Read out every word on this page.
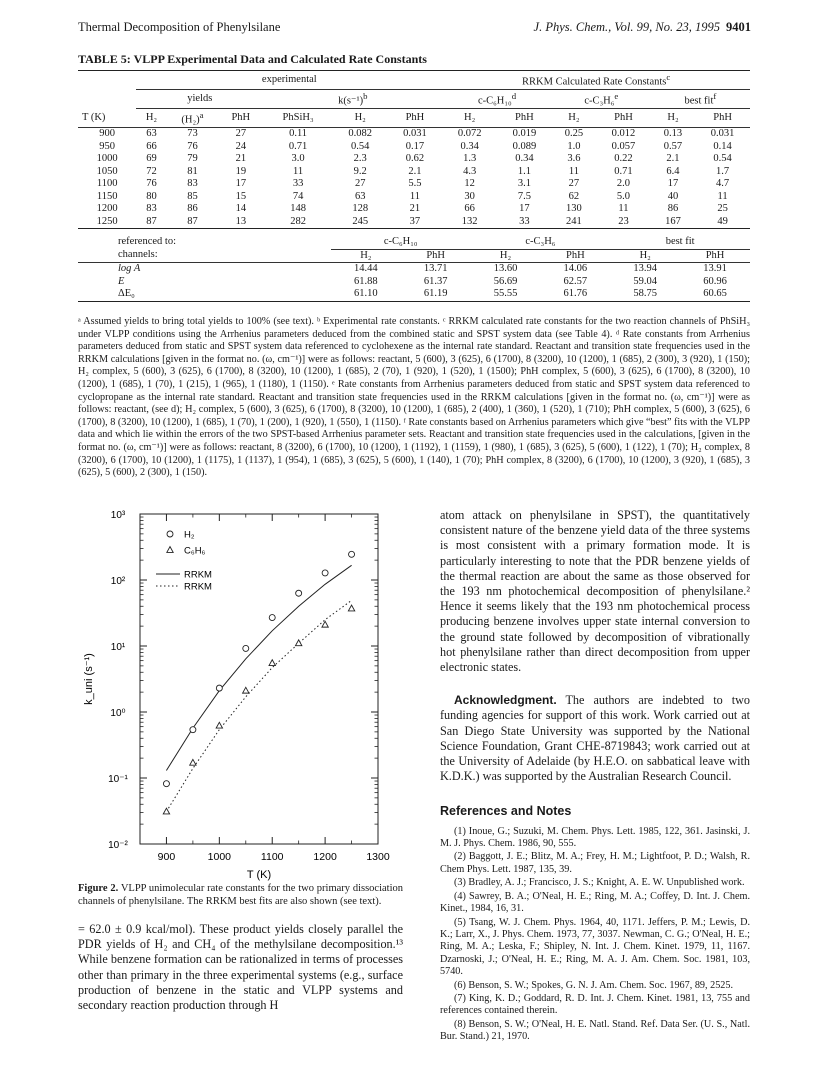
Thermal Decomposition of Phenylsilane	J. Phys. Chem., Vol. 99, No. 23, 1995 9401
TABLE 5: VLPP Experimental Data and Calculated Rate Constants
	experimental						RRKM Calculated Rate Constants$^c$
	yields			$k(s^{-1})^b$			c-C₆H₁₀$^d$		c-C₃H₆$^e$		best fit$^f$
T (K)	H₂	$(H_2)^a$	PhH	PhSiH₃	H₂	PhH	H₂	PhH	H₂	PhH	H₂	PhH
900	63	73	27	0.11	0.082	0.031	0.072	0.019	0.25	0.012	0.13	0.031
950	66	76	24	0.71	0.54	0.17	0.34	0.089	1.0	0.057	0.57	0.14
1000	69	79	21	3.0	2.3	0.62	1.3	0.34	3.6	0.22	2.1	0.54
1050	72	81	19	11	9.2	2.1	4.3	1.1	11	0.71	6.4	1.7
1100	76	83	17	33	27	5.5	12	3.1	27	2.0	17	4.7
1150	80	85	15	74	63	11	30	7.5	62	5.0	40	11
1200	83	86	14	148	128	21	66	17	130	11	86	25
1250	87	87	13	282	245	37	132	33	241	23	167	49
referenced to:	c-C₆H₁₀		c-C₃H₆		best fit	
channels:	H₂	PhH	H₂	PhH	H₂	PhH
log A	14.44	13.71	13.60	14.06	13.94	13.91
E	61.88	61.37	56.69	62.57	59.04	60.96
ΔE₀	61.10	61.19	55.55	61.76	58.75	60.65
ᵃ Assumed yields to bring total yields to 100% (see text). ᵇ Experimental rate constants. ᶜ RRKM calculated rate constants for the two reaction channels of PhSiH₃ under VLPP conditions using the Arrhenius parameters deduced from the combined static and SPST system data (see Table 4). ᵈ Rate constants from Arrhenius parameters deduced from static and SPST system data referenced to cyclohexene as the internal rate standard. Reactant and transition state frequencies used in the RRKM calculations [given in the format no. (ω, cm⁻¹)] were as follows: reactant, 5 (600), 3 (625), 6 (1700), 8 (3200), 10 (1200), 1 (685), 2 (300), 3 (920), 1 (150); H₂ complex, 5 (600), 3 (625), 6 (1700), 8 (3200), 10 (1200), 1 (685), 2 (70), 1 (920), 1 (520), 1 (1500); PhH complex, 5 (600), 3 (625), 6 (1700), 8 (3200), 10 (1200), 1 (685), 1 (70), 1 (215), 1 (965), 1 (1180), 1 (1150). ᵉ Rate constants from Arrhenius parameters deduced from static and SPST system data referenced to cyclopropane as the internal rate standard. Reactant and transition state frequencies used in the RRKM calculations [given in the format no. (ω, cm⁻¹)] were as follows: reactant, (see d); H₂ complex, 5 (600), 3 (625), 6 (1700), 8 (3200), 10 (1200), 1 (685), 2 (400), 1 (360), 1 (520), 1 (710); PhH complex, 5 (600), 3 (625), 6 (1700), 8 (3200), 10 (1200), 1 (685), 1 (70), 1 (200), 1 (920), 1 (550), 1 (1150). ᶠ Rate constants based on Arrhenius parameters which give “best” fits with the VLPP data and which lie within the errors of the two SPST-based Arrhenius parameter sets. Reactant and transition state frequencies used in the calculations, [given in the format no. (ω, cm⁻¹)] were as follows: reactant, 8 (3200), 6 (1700), 10 (1200), 1 (1192), 1 (1159), 1 (980), 1 (685), 3 (625), 5 (600), 1 (122), 1 (70); H₂ complex, 8 (3200), 6 (1700), 10 (1200), 1 (1175), 1 (1137), 1 (954), 1 (685), 3 (625), 5 (600), 1 (140), 1 (70); PhH complex, 8 (3200), 6 (1700), 10 (1200), 3 (920), 1 (685), 3 (625), 5 (600), 2 (300), 1 (150).
10⁻²
10⁻¹
10⁰
10¹
10²
10³
900	1000	1100	1200	1300
T (K)
k_uni (s⁻¹)
H₂
C₆H₆
RRKM
RRKM
Figure 2. VLPP unimolecular rate constants for the two primary dissociation channels of phenylsilane. The RRKM best fits are also shown (see text).
= 62.0 ± 0.9 kcal/mol). These product yields closely parallel the PDR yields of H₂ and CH₄ of the methylsilane decomposition.¹³ While benzene formation can be rationalized in terms of processes other than primary in the three experimental systems (e.g., surface production of benzene in the static and VLPP systems and secondary reaction production through H

atom attack on phenylsilane in SPST), the quantitatively consistent nature of the benzene yield data of the three systems is most consistent with a primary formation mode. It is particularly interesting to note that the PDR benzene yields of the thermal reaction are about the same as those observed for the 193 nm photochemical decomposition of phenylsilane.² Hence it seems likely that the 193 nm photochemical process producing benzene involves upper state internal conversion to the ground state followed by decomposition of vibrationally hot phenylsilane rather than direct decomposition from upper electronic states.

Acknowledgment. The authors are indebted to two funding agencies for support of this work. Work carried out at San Diego State University was supported by the National Science Foundation, Grant CHE-8719843; work carried out at the University of Adelaide (by H.E.O. on sabbatical leave with K.D.K.) was supported by the Australian Research Council.

References and Notes
(1) Inoue, G.; Suzuki, M. Chem. Phys. Lett. 1985, 122, 361. Jasinski, J. M. J. Phys. Chem. 1986, 90, 555.
(2) Baggott, J. E.; Blitz, M. A.; Frey, H. M.; Lightfoot, P. D.; Walsh, R. Chem Phys. Lett. 1987, 135, 39.
(3) Bradley, A. J.; Francisco, J. S.; Knight, A. E. W. Unpublished work.
(4) Sawrey, B. A.; O'Neal, H. E.; Ring, M. A.; Coffey, D. Int. J. Chem. Kinet., 1984, 16, 31.
(5) Tsang, W. J. Chem. Phys. 1964, 40, 1171. Jeffers, P. M.; Lewis, D. K.; Larr, X., J. Phys. Chem. 1973, 77, 3037. Newman, C. G.; O'Neal, H. E.; Ring, M. A.; Leska, F.; Shipley, N. Int. J. Chem. Kinet. 1979, 11, 1167. Dzarnoski, J.; O'Neal, H. E.; Ring, M. A. J. Am. Chem. Soc. 1981, 103, 5740.
(6) Benson, S. W.; Spokes, G. N. J. Am. Chem. Soc. 1967, 89, 2525.
(7) King, K. D.; Goddard, R. D. Int. J. Chem. Kinet. 1981, 13, 755 and references contained therein.
(8) Benson, S. W.; O'Neal, H. E. Natl. Stand. Ref. Data Ser. (U. S., Natl. Bur. Stand.) 21, 1970.
